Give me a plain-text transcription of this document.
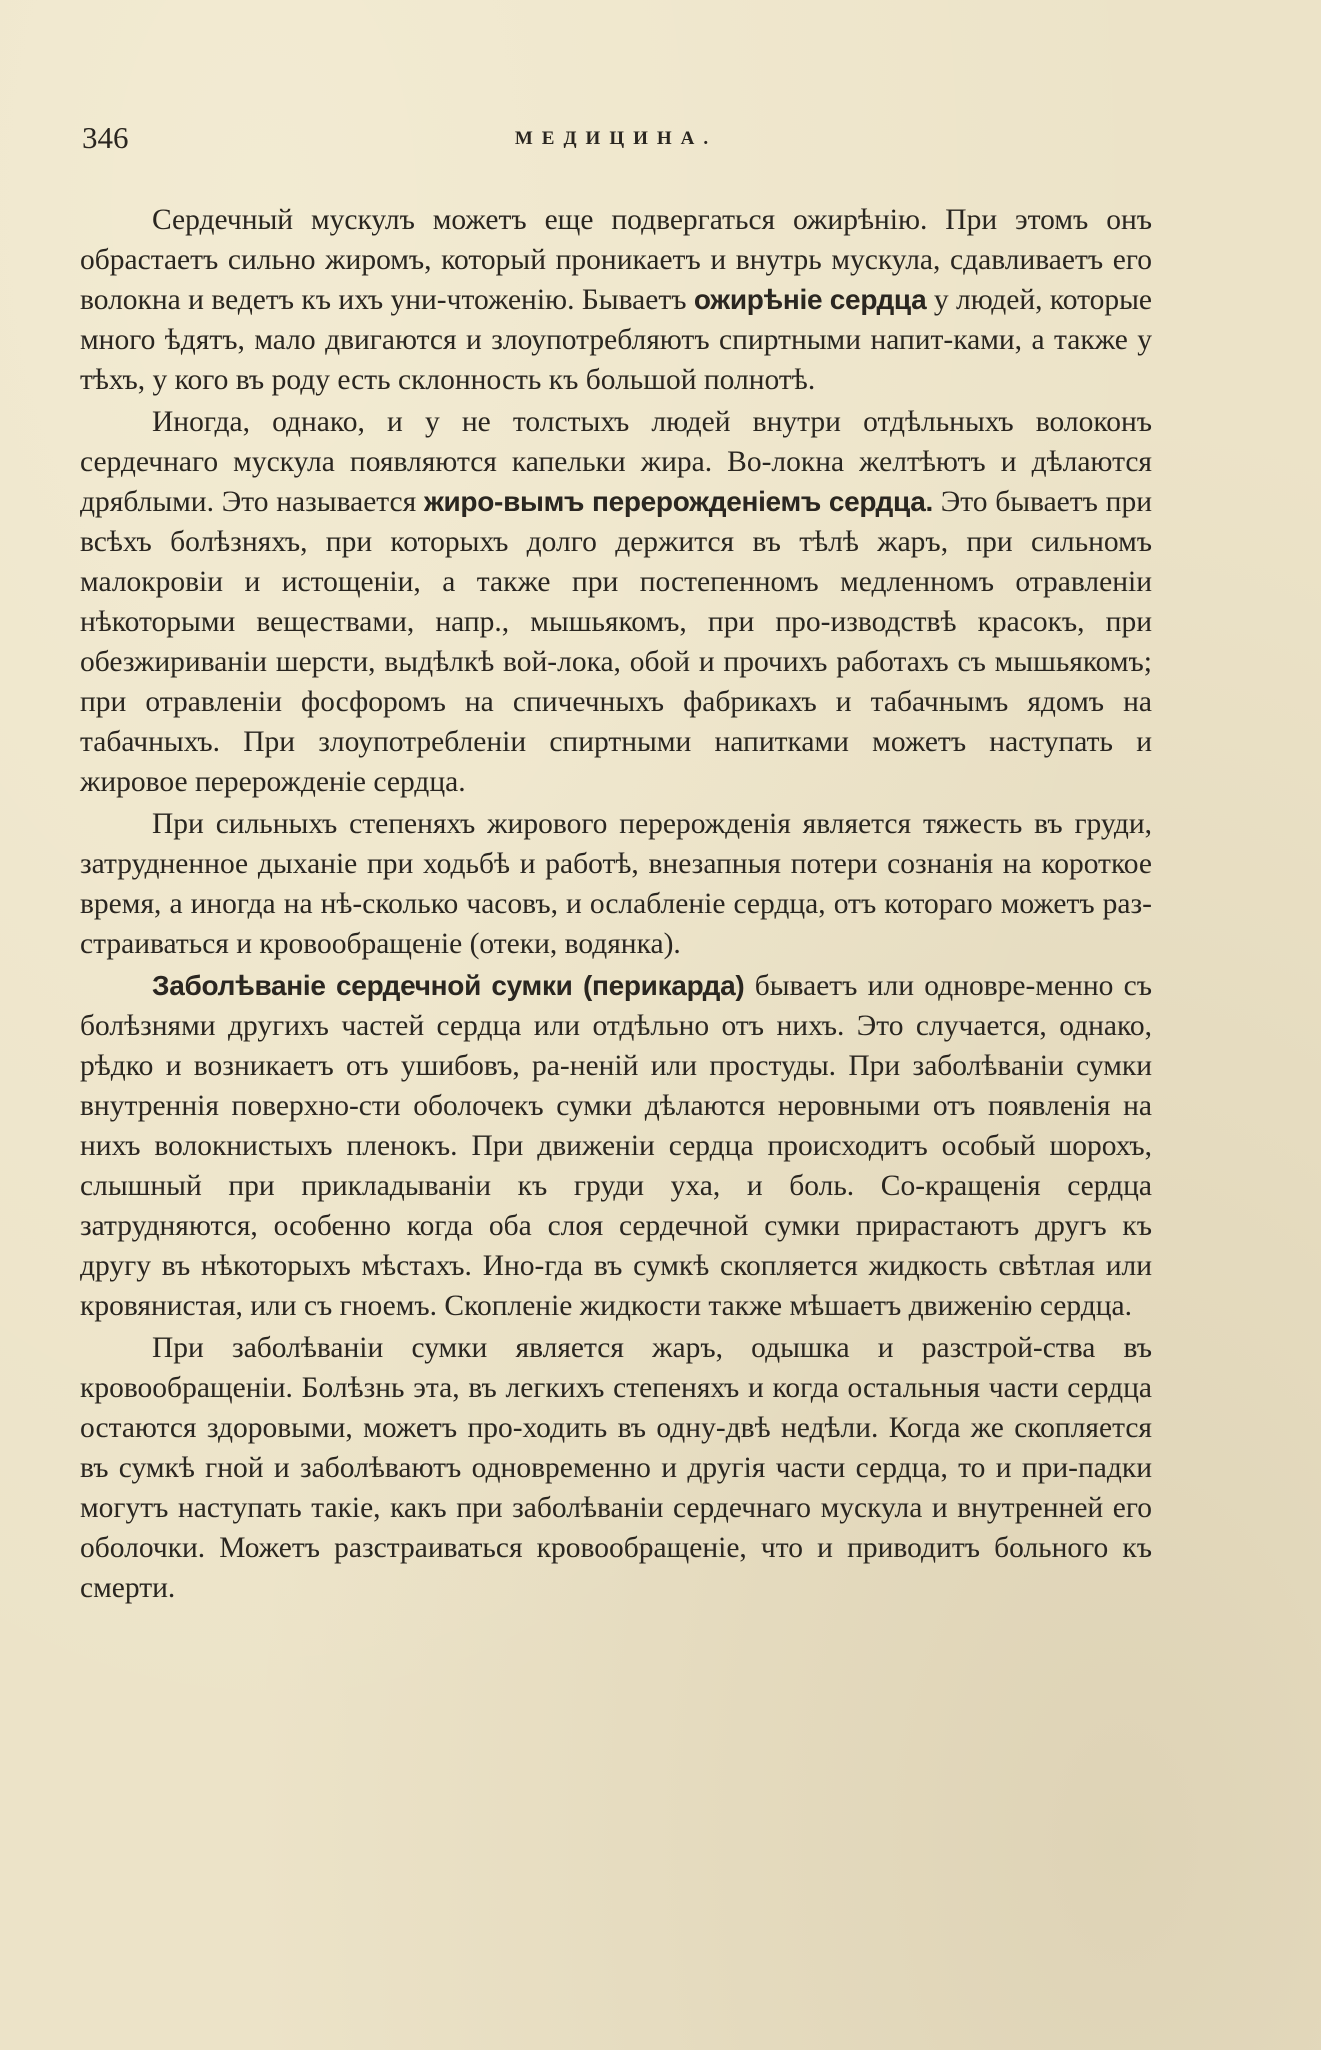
346	МЕДИЦИНА.

Сердечный мускулъ можетъ еще подвергаться ожирѣнію. При этомъ онъ обрастаетъ сильно жиромъ, который проникаетъ и внутрь мускула, сдавливаетъ его волокна и ведетъ къ ихъ уни-чтоженію. Бываетъ ожирѣніе сердца у людей, которые много ѣдятъ, мало двигаются и злоупотребляютъ спиртными напит-ками, а также у тѣхъ, у кого въ роду есть склонность къ большой полнотѣ.

Иногда, однако, и у не толстыхъ людей внутри отдѣльныхъ волоконъ сердечнаго мускула появляются капельки жира. Во-локна желтѣютъ и дѣлаются дряблыми. Это называется жиро-вымъ перерожденіемъ сердца. Это бываетъ при всѣхъ болѣзняхъ, при которыхъ долго держится въ тѣлѣ жаръ, при сильномъ малокровіи и истощеніи, а также при постепенномъ медленномъ отравленіи нѣкоторыми веществами, напр., мышьякомъ, при про-изводствѣ красокъ, при обезжириваніи шерсти, выдѣлкѣ вой-лока, обой и прочихъ работахъ съ мышьякомъ; при отравленіи фосфоромъ на спичечныхъ фабрикахъ и табачнымъ ядомъ на табачныхъ. При злоупотребленіи спиртными напитками можетъ наступать и жировое перерожденіе сердца.

При сильныхъ степеняхъ жирового перерожденія является тяжесть въ груди, затрудненное дыханіе при ходьбѣ и работѣ, внезапныя потери сознанія на короткое время, а иногда на нѣ-сколько часовъ, и ослабленіе сердца, отъ котораго можетъ раз-страиваться и кровообращеніе (отеки, водянка).

Заболѣваніе сердечной сумки (перикарда) бываетъ или одновре-менно съ болѣзнями другихъ частей сердца или отдѣльно отъ нихъ. Это случается, однако, рѣдко и возникаетъ отъ ушибовъ, ра-неній или простуды. При заболѣваніи сумки внутреннія поверхно-сти оболочекъ сумки дѣлаются неровными отъ появленія на нихъ волокнистыхъ пленокъ. При движеніи сердца происходитъ особый шорохъ, слышный при прикладываніи къ груди уха, и боль. Со-кращенія сердца затрудняются, особенно когда оба слоя сердечной сумки прирастаютъ другъ къ другу въ нѣкоторыхъ мѣстахъ. Ино-гда въ сумкѣ скопляется жидкость свѣтлая или кровянистая, или съ гноемъ. Скопленіе жидкости также мѣшаетъ движенію сердца.

При заболѣваніи сумки является жаръ, одышка и разстрой-ства въ кровообращеніи. Болѣзнь эта, въ легкихъ степеняхъ и когда остальныя части сердца остаются здоровыми, можетъ про-ходить въ одну-двѣ недѣли. Когда же скопляется въ сумкѣ гной и заболѣваютъ одновременно и другія части сердца, то и при-падки могутъ наступать такіе, какъ при заболѣваніи сердечнаго мускула и внутренней его оболочки. Можетъ разстраиваться кровообращеніе, что и приводитъ больного къ смерти.
